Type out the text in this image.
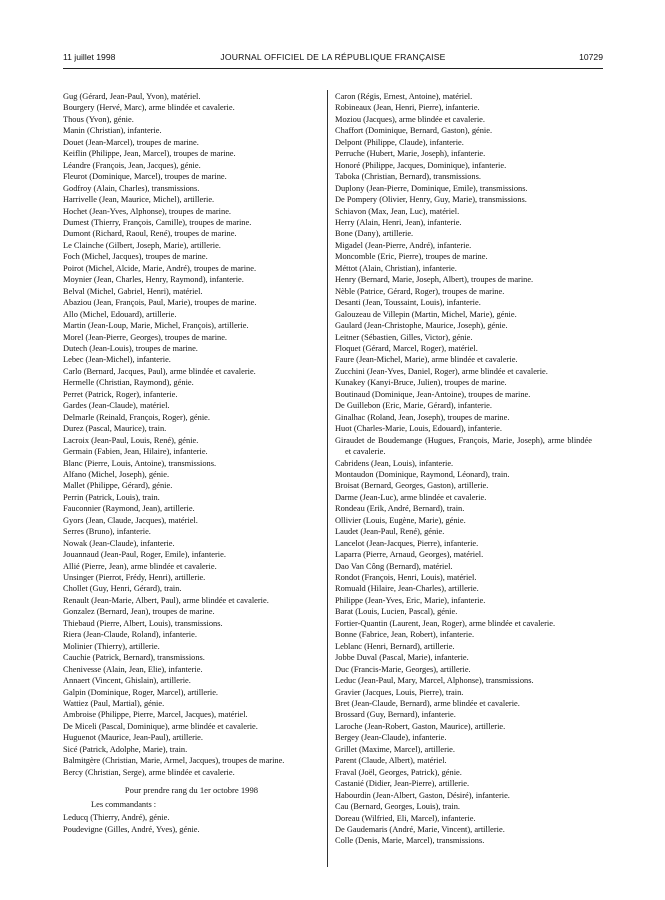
11 juillet 1998	JOURNAL OFFICIEL DE LA RÉPUBLIQUE FRANÇAISE	10729

Gug (Gérard, Jean-Paul, Yvon), matériel.

Bourgery (Hervé, Marc), arme blindée et cavalerie.

Thous (Yvon), génie.

Manin (Christian), infanterie.

Douet (Jean-Marcel), troupes de marine.

Keiflin (Philippe, Jean, Marcel), troupes de marine.

Léandre (François, Jean, Jacques), génie.

Fleurot (Dominique, Marcel), troupes de marine.

Godfroy (Alain, Charles), transmissions.

Harrivelle (Jean, Maurice, Michel), artillerie.

Hochet (Jean-Yves, Alphonse), troupes de marine.

Dumest (Thierry, François, Camille), troupes de marine.

Dumont (Richard, Raoul, René), troupes de marine.

Le Clainche (Gilbert, Joseph, Marie), artillerie.

Foch (Michel, Jacques), troupes de marine.

Poirot (Michel, Alcide, Marie, André), troupes de marine.

Moynier (Jean, Charles, Henry, Raymond), infanterie.

Belval (Michel, Gabriel, Henri), matériel.

Abaziou (Jean, François, Paul, Marie), troupes de marine.

Allo (Michel, Edouard), artillerie.

Martin (Jean-Loup, Marie, Michel, François), artillerie.

Morel (Jean-Pierre, Georges), troupes de marine.

Dutech (Jean-Louis), troupes de marine.

Lebec (Jean-Michel), infanterie.

Carlo (Bernard, Jacques, Paul), arme blindée et cavalerie.

Hermelle (Christian, Raymond), génie.

Perret (Patrick, Roger), infanterie.

Gardes (Jean-Claude), matériel.

Delmarle (Reinald, François, Roger), génie.

Durez (Pascal, Maurice), train.

Lacroix (Jean-Paul, Louis, René), génie.

Germain (Fabien, Jean, Hilaire), infanterie.

Blanc (Pierre, Louis, Antoine), transmissions.

Alfano (Michel, Joseph), génie.

Mallet (Philippe, Gérard), génie.

Perrin (Patrick, Louis), train.

Fauconnier (Raymond, Jean), artillerie.

Gyors (Jean, Claude, Jacques), matériel.

Serres (Bruno), infanterie.

Nowak (Jean-Claude), infanterie.

Jouannaud (Jean-Paul, Roger, Emile), infanterie.

Allié (Pierre, Jean), arme blindée et cavalerie.

Unsinger (Pierrot, Frédy, Henri), artillerie.

Chollet (Guy, Henri, Gérard), train.

Renault (Jean-Marie, Albert, Paul), arme blindée et cavalerie.

Gonzalez (Bernard, Jean), troupes de marine.

Thiebaud (Pierre, Albert, Louis), transmissions.

Riera (Jean-Claude, Roland), infanterie.

Molinier (Thierry), artillerie.

Cauchie (Patrick, Bernard), transmissions.

Chenivesse (Alain, Jean, Elie), infanterie.

Annaert (Vincent, Ghislain), artillerie.

Galpin (Dominique, Roger, Marcel), artillerie.

Wattiez (Paul, Martial), génie.

Ambroise (Philippe, Pierre, Marcel, Jacques), matériel.

De Miceli (Pascal, Dominique), arme blindée et cavalerie.

Huguenot (Maurice, Jean-Paul), artillerie.

Sicé (Patrick, Adolphe, Marie), train.

Balmitgère (Christian, Marie, Armel, Jacques), troupes de marine.

Bercy (Christian, Serge), arme blindée et cavalerie.

Pour prendre rang du 1er octobre 1998
Les commandants :

Leducq (Thierry, André), génie.

Poudevigne (Gilles, André, Yves), génie.

Caron (Régis, Ernest, Antoine), matériel.

Robineaux (Jean, Henri, Pierre), infanterie.

Moziou (Jacques), arme blindée et cavalerie.

Chaffort (Dominique, Bernard, Gaston), génie.

Delpont (Philippe, Claude), infanterie.

Perruche (Hubert, Marie, Joseph), infanterie.

Honoré (Philippe, Jacques, Dominique), infanterie.

Taboka (Christian, Bernard), transmissions.

Duplony (Jean-Pierre, Dominique, Emile), transmissions.

De Pompery (Olivier, Henry, Guy, Marie), transmissions.

Schiavon (Max, Jean, Luc), matériel.

Herry (Alain, Henri, Jean), infanterie.

Bone (Dany), artillerie.

Migadel (Jean-Pierre, André), infanterie.

Moncomble (Eric, Pierre), troupes de marine.

Méttot (Alain, Christian), infanterie.

Henry (Bernard, Marie, Joseph, Albert), troupes de marine.

Nèble (Patrice, Gérard, Roger), troupes de marine.

Desanti (Jean, Toussaint, Louis), infanterie.

Galouzeau de Villepin (Martin, Michel, Marie), génie.

Gaulard (Jean-Christophe, Maurice, Joseph), génie.

Leitner (Sébastien, Gilles, Victor), génie.

Floquet (Gérard, Marcel, Roger), matériel.

Faure (Jean-Michel, Marie), arme blindée et cavalerie.

Zucchini (Jean-Yves, Daniel, Roger), arme blindée et cavalerie.

Kunakey (Kanyi-Bruce, Julien), troupes de marine.

Boutinaud (Dominique, Jean-Antoine), troupes de marine.

De Guillebon (Eric, Marie, Gérard), infanterie.

Ginalhac (Roland, Jean, Joseph), troupes de marine.

Huot (Charles-Marie, Louis, Edouard), infanterie.

Giraudet de Boudemange (Hugues, François, Marie, Joseph), arme blindée et cavalerie.

Cabridens (Jean, Louis), infanterie.

Montaudon (Dominique, Raymond, Léonard), train.

Broisat (Bernard, Georges, Gaston), artillerie.

Darme (Jean-Luc), arme blindée et cavalerie.

Rondeau (Erik, André, Bernard), train.

Ollivier (Louis, Eugène, Marie), génie.

Laudet (Jean-Paul, René), génie.

Lancelot (Jean-Jacques, Pierre), infanterie.

Laparra (Pierre, Arnaud, Georges), matériel.

Dao Van Công (Bernard), matériel.

Rondot (François, Henri, Louis), matériel.

Romuald (Hilaire, Jean-Charles), artillerie.

Philippe (Jean-Yves, Eric, Marie), infanterie.

Barat (Louis, Lucien, Pascal), génie.

Fortier-Quantin (Laurent, Jean, Roger), arme blindée et cavalerie.

Bonne (Fabrice, Jean, Robert), infanterie.

Leblanc (Henri, Bernard), artillerie.

Jobbe Duval (Pascal, Marie), infanterie.

Duc (Francis-Marie, Georges), artillerie.

Leduc (Jean-Paul, Mary, Marcel, Alphonse), transmissions.

Gravier (Jacques, Louis, Pierre), train.

Bret (Jean-Claude, Bernard), arme blindée et cavalerie.

Brossard (Guy, Bernard), infanterie.

Laroche (Jean-Robert, Gaston, Maurice), artillerie.

Bergey (Jean-Claude), infanterie.

Grillet (Maxime, Marcel), artillerie.

Parent (Claude, Albert), matériel.

Fraval (Joël, Georges, Patrick), génie.

Castanié (Didier, Jean-Pierre), artillerie.

Habourdin (Jean-Albert, Gaston, Désiré), infanterie.

Cau (Bernard, Georges, Louis), train.

Doreau (Wilfried, Eli, Marcel), infanterie.

De Gaudemaris (André, Marie, Vincent), artillerie.

Colle (Denis, Marie, Marcel), transmissions.
